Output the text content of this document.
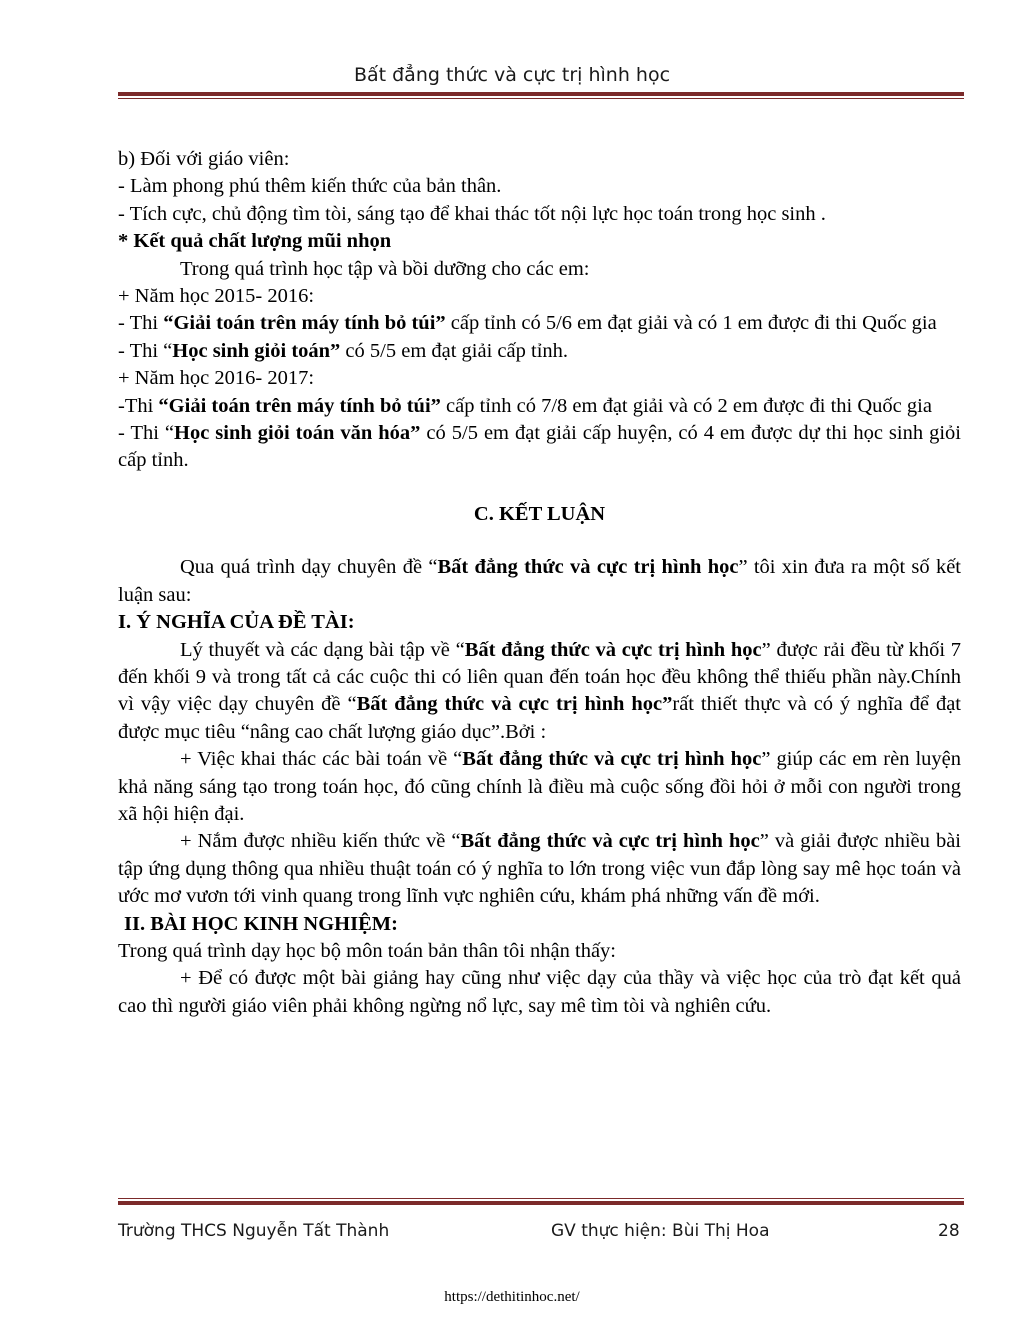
Bất đẳng thức và cực trị hình học

b) Đối với giáo viên:

- Làm phong phú thêm kiến thức của bản thân.

- Tích cực, chủ động tìm tòi, sáng tạo để khai thác tốt nội lực học toán trong học sinh .

* Kết quả chất lượng mũi nhọn

Trong quá trình học tập và bồi dưỡng cho các em:

+ Năm học 2015- 2016:

- Thi “Giải toán trên máy tính bỏ túi” cấp tỉnh có 5/6 em đạt giải và có 1 em được đi thi Quốc gia

- Thi “Học sinh giỏi toán” có 5/5 em đạt giải cấp tỉnh.

+ Năm học 2016- 2017:

-Thi “Giải toán trên máy tính bỏ túi” cấp tỉnh có 7/8 em đạt giải và có 2 em được đi thi Quốc gia

- Thi “Học sinh giỏi toán văn hóa” có 5/5 em đạt giải cấp huyện, có 4 em được dự thi học sinh giỏi cấp tỉnh.

C. KẾT LUẬN

Qua quá trình dạy chuyên đề “Bất đẳng thức và cực trị hình học” tôi xin đưa ra một số kết luận sau:

I. Ý NGHĨA CỦA ĐỀ TÀI:

Lý thuyết và các dạng bài tập về “Bất đẳng thức và cực trị hình học” được rải đều từ khối 7 đến khối 9 và trong tất cả các cuộc thi có liên quan đến toán học đều không thể thiếu phần này.Chính vì vậy việc dạy chuyên đề “Bất đẳng thức và cực trị hình học”rất thiết thực và có ý nghĩa để đạt được mục tiêu “nâng cao chất lượng giáo dục”.Bởi :

+ Việc khai thác các bài toán về “Bất đẳng thức và cực trị hình học” giúp các em rèn luyện khả năng sáng tạo trong toán học, đó cũng chính là điều mà cuộc sống đồi hỏi ở mỗi con người trong xã hội hiện đại.

+ Nắm được nhiều kiến thức về “Bất đẳng thức và cực trị hình học” và giải được nhiều bài tập ứng dụng thông qua nhiều thuật toán có ý nghĩa to lớn trong việc vun đắp lòng say mê học toán và ước mơ vươn tới vinh quang trong lĩnh vực nghiên cứu, khám phá những vấn đề mới.

II. BÀI HỌC KINH NGHIỆM:

Trong quá trình dạy học bộ môn toán bản thân tôi nhận thấy:

+ Để có được một bài giảng hay cũng như việc dạy của thầy và việc học của trò đạt kết quả cao thì người giáo viên phải không ngừng nổ lực, say mê tìm tòi và nghiên cứu.

Trường THCS Nguyễn Tất Thành	GV thực hiện: Bùi Thị Hoa	28
https://dethitinhoc.net/
